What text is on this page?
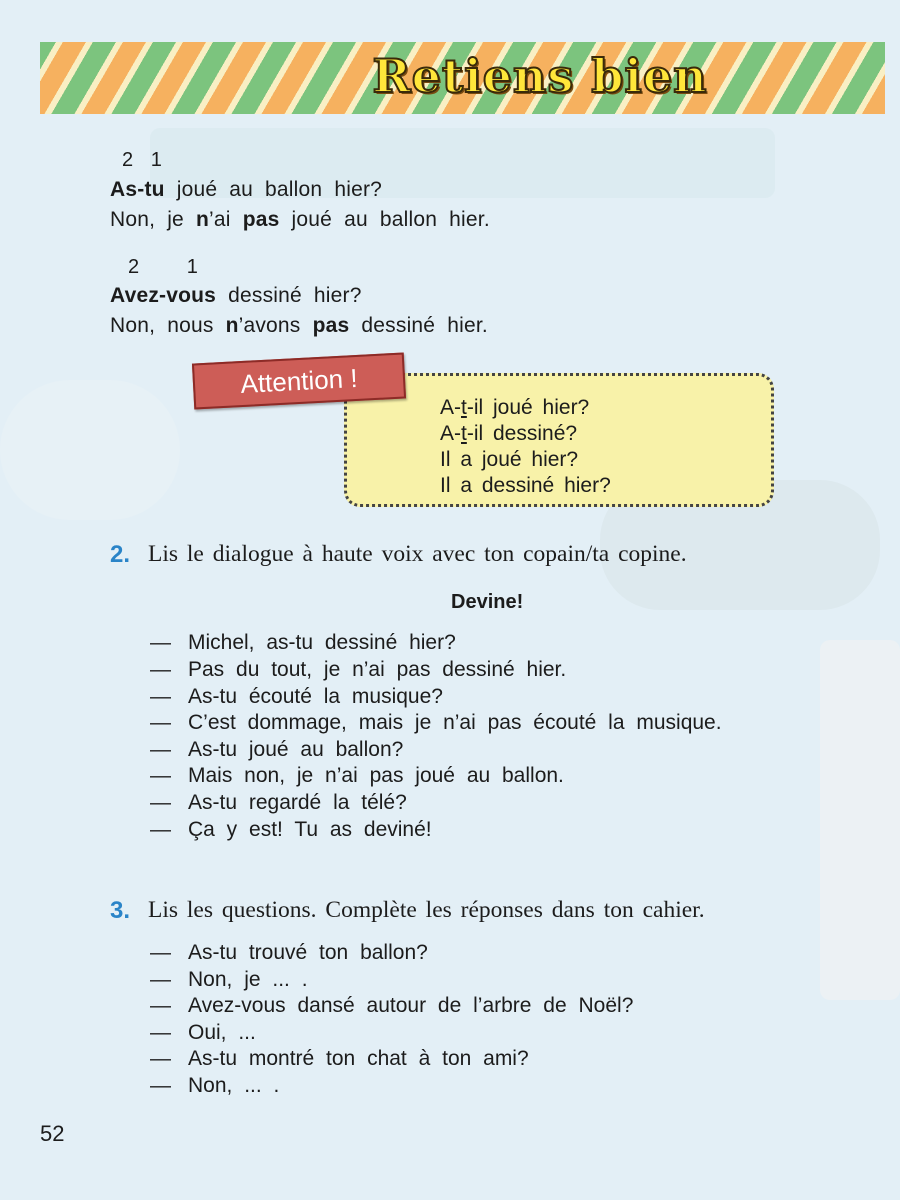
Retiens bien
2 1
As-tu joué au ballon hier?
Non, je n’ai pas joué au ballon hier.
2 1
Avez-vous dessiné hier?
Non, nous n’avons pas dessiné hier.
Attention !
A-t-il joué hier?
A-t-il dessiné?
Il a joué hier?
Il a dessiné hier?
2. Lis le dialogue à haute voix avec ton copain/ta copine.
Devine!
— Michel, as-tu dessiné hier?
— Pas du tout, je n’ai pas dessiné hier.
— As-tu écouté la musique?
— C’est dommage, mais je n’ai pas écouté la musique.
— As-tu joué au ballon?
— Mais non, je n’ai pas joué au ballon.
— As-tu regardé la télé?
— Ça y est! Tu as deviné!
3. Lis les questions. Complète les réponses dans ton cahier.
— As-tu trouvé ton ballon?
— Non, je ... .
— Avez-vous dansé autour de l’arbre de Noël?
— Oui, ...
— As-tu montré ton chat à ton ami?
— Non, ... .
52
